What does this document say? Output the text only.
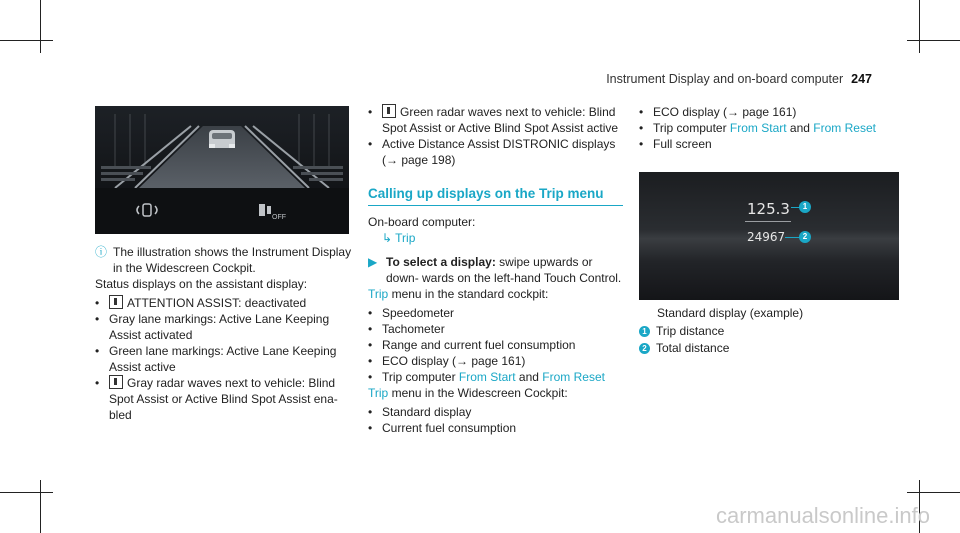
Instrument Display and on-board computer 247
OFF

ⓘ The illustration shows the Instrument Display in the Widescreen Cockpit.

Status displays on the assistant display:

• ATTENTION ASSIST: deactivated

• Gray lane markings: Active Lane Keeping Assist activated

• Green lane markings: Active Lane Keeping Assist active

• Gray radar waves next to vehicle: Blind Spot Assist or Active Blind Spot Assist ena- bled

• Green radar waves next to vehicle: Blind Spot Assist or Active Blind Spot Assist active

• Active Distance Assist DISTRONIC displays
(→ page 198)

Calling up displays on the Trip menu

On-board computer:

↳ Trip

▶ To select a display: swipe upwards or down- wards on the left-hand Touch Control.

Trip menu in the standard cockpit:

• Speedometer

• Tachometer

• Range and current fuel consumption

• ECO display (→ page 161)

• Trip computer From Start and From Reset

Trip menu in the Widescreen Cockpit:

• Standard display

• Current fuel consumption

• ECO display (→ page 161)

• Trip computer From Start and From Reset

• Full screen

125.3
24967
1
2

Standard display (example)

1 Trip distance

2 Total distance

carmanualsonline.info
